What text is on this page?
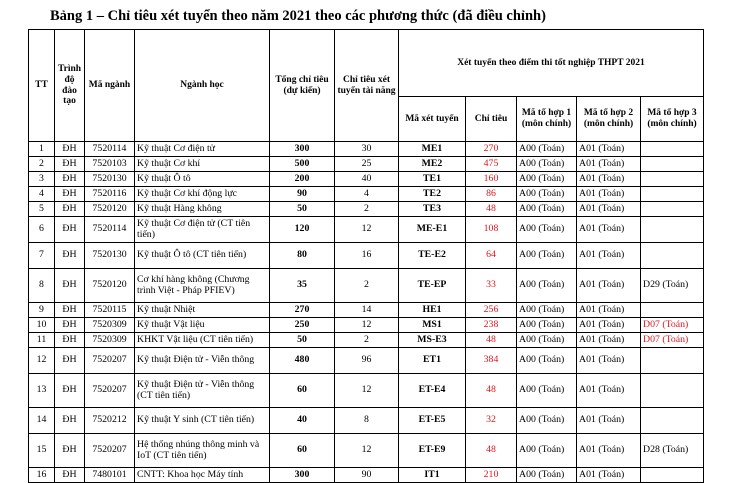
Bảng 1 – Chỉ tiêu xét tuyển theo năm 2021 theo các phương thức (đã điều chỉnh)
TT	Trình độ đào tạo	Mã ngành	Ngành học	Tổng chỉ tiêu (dự kiến)	Chỉ tiêu xét tuyển tài năng	Xét tuyển theo điểm thi tốt nghiệp THPT 2021				
						Mã xét tuyển	Chỉ tiêu	Mã tổ hợp 1 (môn chính)	Mã tổ hợp 2 (môn chính)	Mã tổ hợp 3 (môn chính)
1	ĐH	7520114	Kỹ thuật Cơ điện tử	300	30	ME1	270	A00 (Toán)	A01 (Toán)	
2	ĐH	7520103	Kỹ thuật Cơ khí	500	25	ME2	475	A00 (Toán)	A01 (Toán)	
3	ĐH	7520130	Kỹ thuật Ô tô	200	40	TE1	160	A00 (Toán)	A01 (Toán)	
4	ĐH	7520116	Kỹ thuật Cơ khí động lực	90	4	TE2	86	A00 (Toán)	A01 (Toán)	
5	ĐH	7520120	Kỹ thuật Hàng không	50	2	TE3	48	A00 (Toán)	A01 (Toán)	
6	ĐH	7520114	Kỹ thuật Cơ điện tử (CT tiên tiến)	120	12	ME-E1	108	A00 (Toán)	A01 (Toán)	
7	ĐH	7520130	Kỹ thuật Ô tô (CT tiên tiến)	80	16	TE-E2	64	A00 (Toán)	A01 (Toán)	
8	ĐH	7520120	Cơ khí hàng không (Chương trình Việt - Pháp PFIEV)	35	2	TE-EP	33	A00 (Toán)	A01 (Toán)	D29 (Toán)
9	ĐH	7520115	Kỹ thuật Nhiệt	270	14	HE1	256	A00 (Toán)	A01 (Toán)	
10	ĐH	7520309	Kỹ thuật Vật liệu	250	12	MS1	238	A00 (Toán)	A01 (Toán)	D07 (Toán)
11	ĐH	7520309	KHKT Vật liệu (CT tiên tiến)	50	2	MS-E3	48	A00 (Toán)	A01 (Toán)	D07 (Toán)
12	ĐH	7520207	Kỹ thuật Điện tử - Viễn thông	480	96	ET1	384	A00 (Toán)	A01 (Toán)	
13	ĐH	7520207	Kỹ thuật Điện tử - Viễn thông (CT tiên tiến)	60	12	ET-E4	48	A00 (Toán)	A01 (Toán)	
14	ĐH	7520212	Kỹ thuật Y sinh (CT tiên tiến)	40	8	ET-E5	32	A00 (Toán)	A01 (Toán)	
15	ĐH	7520207	Hệ thống nhúng thông minh và IoT (CT tiên tiến)	60	12	ET-E9	48	A00 (Toán)	A01 (Toán)	D28 (Toán)
16	ĐH	7480101	CNTT: Khoa học Máy tính	300	90	IT1	210	A00 (Toán)	A01 (Toán)	
